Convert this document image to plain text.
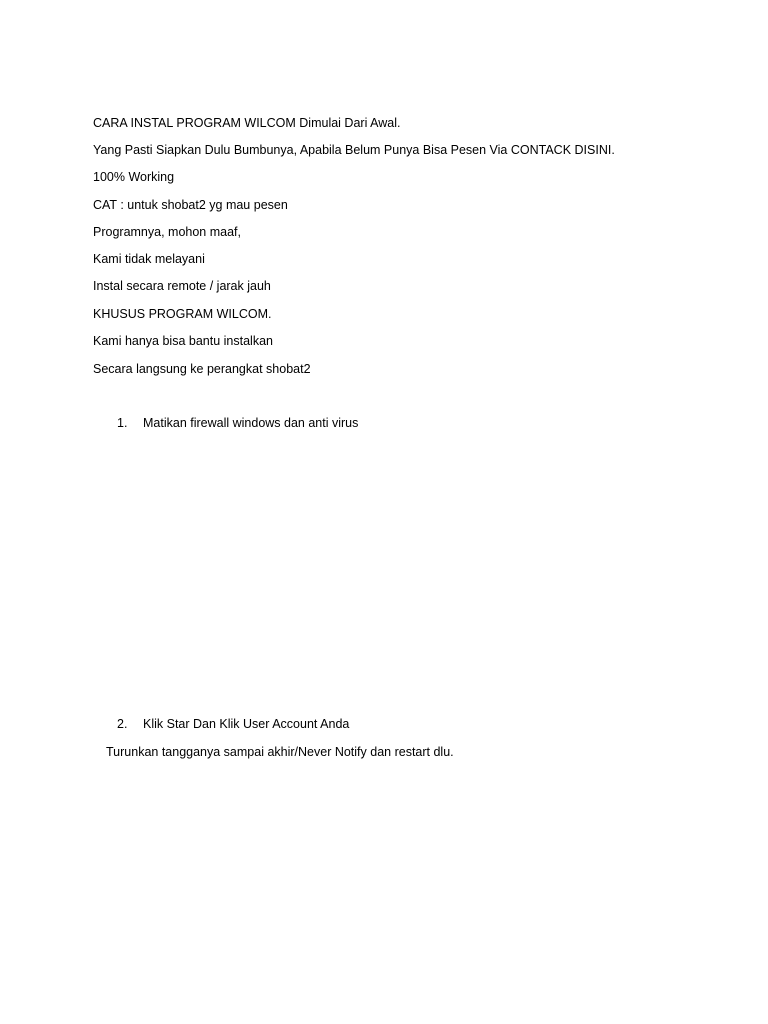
CARA INSTAL PROGRAM WILCOM Dimulai Dari Awal.
Yang Pasti Siapkan Dulu Bumbunya, Apabila Belum Punya Bisa Pesen Via CONTACK DISINI.
100% Working
CAT : untuk shobat2 yg mau pesen
Programnya, mohon maaf,
Kami tidak melayani
Instal secara remote / jarak jauh
KHUSUS PROGRAM WILCOM.
Kami hanya bisa bantu instalkan
Secara langsung ke perangkat shobat2
1. Matikan firewall windows dan anti virus
2. Klik Star Dan Klik User Account Anda
Turunkan tangganya sampai akhir/Never Notify dan restart dlu.
